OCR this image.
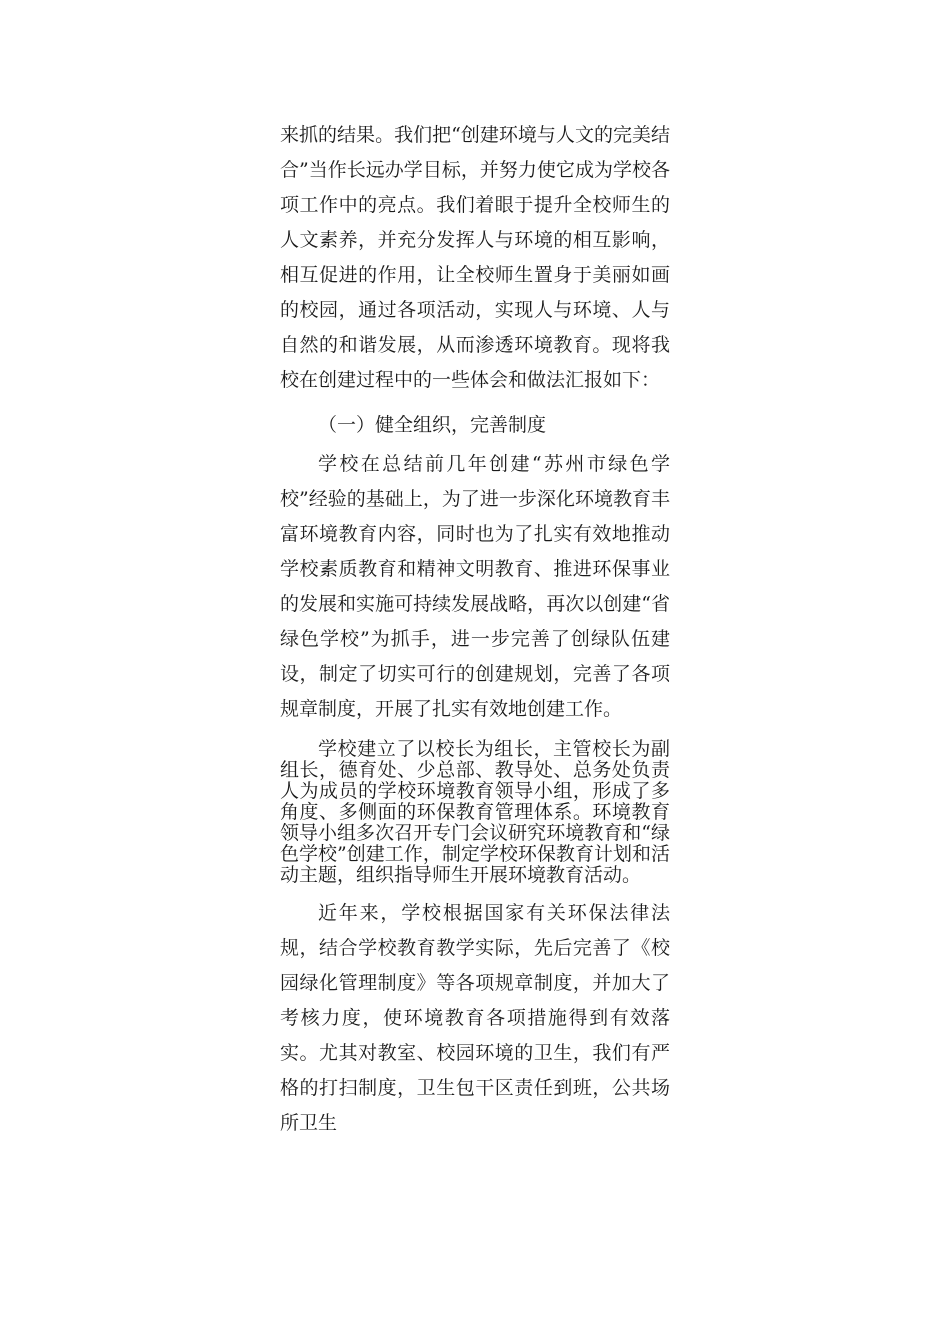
来抓的结果。我们把“创建环境与人文的完美结合”当作长远办学目标，并努力使它成为学校各项工作中的亮点。我们着眼于提升全校师生的人文素养，并充分发挥人与环境的相互影响，相互促进的作用，让全校师生置身于美丽如画的校园，通过各项活动，实现人与环境、人与自然的和谐发展，从而渗透环境教育。现将我校在创建过程中的一些体会和做法汇报如下：

（一）健全组织，完善制度

学校在总结前几年创建“苏州市绿色学校”经验的基础上，为了进一步深化环境教育丰富环境教育内容，同时也为了扎实有效地推动学校素质教育和精神文明教育、推进环保事业的发展和实施可持续发展战略，再次以创建“省绿色学校”为抓手，进一步完善了创绿队伍建设，制定了切实可行的创建规划，完善了各项规章制度，开展了扎实有效地创建工作。

学校建立了以校长为组长，主管校长为副组长，德育处、少总部、教导处、总务处负责人为成员的学校环境教育领导小组，形成了多角度、多侧面的环保教育管理体系。环境教育领导小组多次召开专门会议研究环境教育和“绿色学校”创建工作，制定学校环保教育计划和活动主题，组织指导师生开展环境教育活动。

近年来，学校根据国家有关环保法律法规，结合学校教育教学实际，先后完善了《校园绿化管理制度》等各项规章制度，并加大了考核力度，使环境教育各项措施得到有效落实。尤其对教室、校园环境的卫生，我们有严格的打扫制度，卫生包干区责任到班，公共场所卫生
